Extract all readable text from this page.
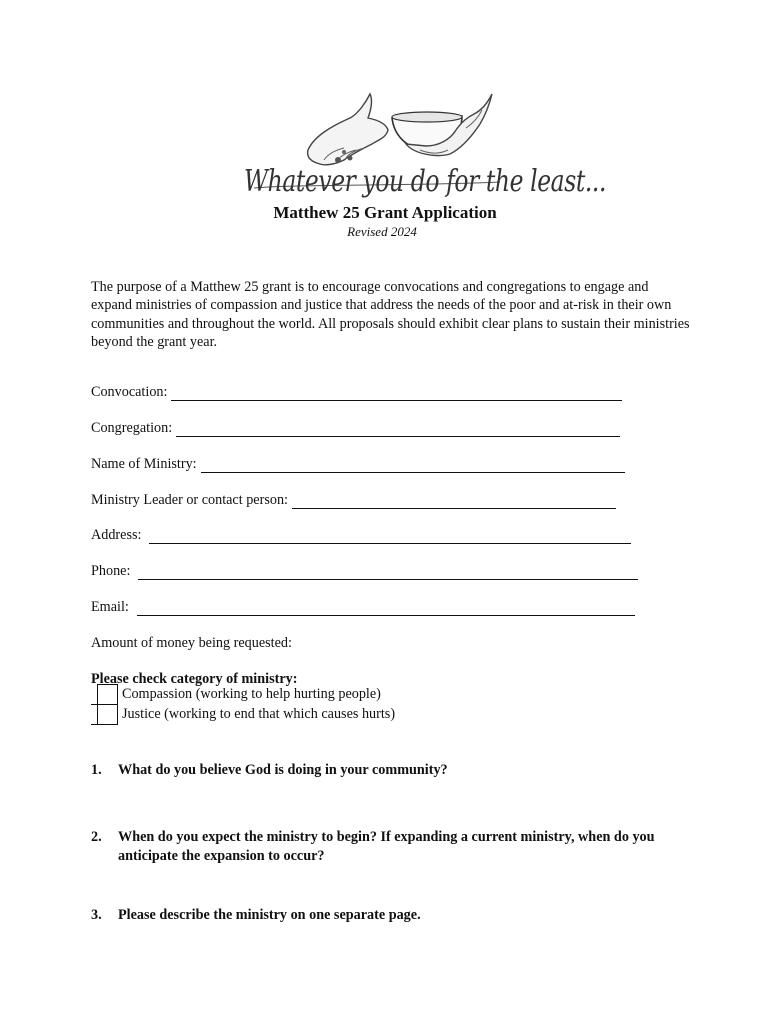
Whatever you do for the least...
Matthew 25 Grant Application
Revised 2024
The purpose of a Matthew 25 grant is to encourage convocations and congregations to engage and expand ministries of compassion and justice that address the needs of the poor and at-risk in their own communities and throughout the world. All proposals should exhibit clear plans to sustain their ministries beyond the grant year.
Convocation:
Congregation:
Name of Ministry:
Ministry Leader or contact person:
Address:
Phone:
Email:
Amount of money being requested:
Please check category of ministry:
Compassion (working to help hurting people)
Justice (working to end that which causes hurts)
1. What do you believe God is doing in your community?
2. When do you expect the ministry to begin? If expanding a current ministry, when do you anticipate the expansion to occur?
3. Please describe the ministry on one separate page.
